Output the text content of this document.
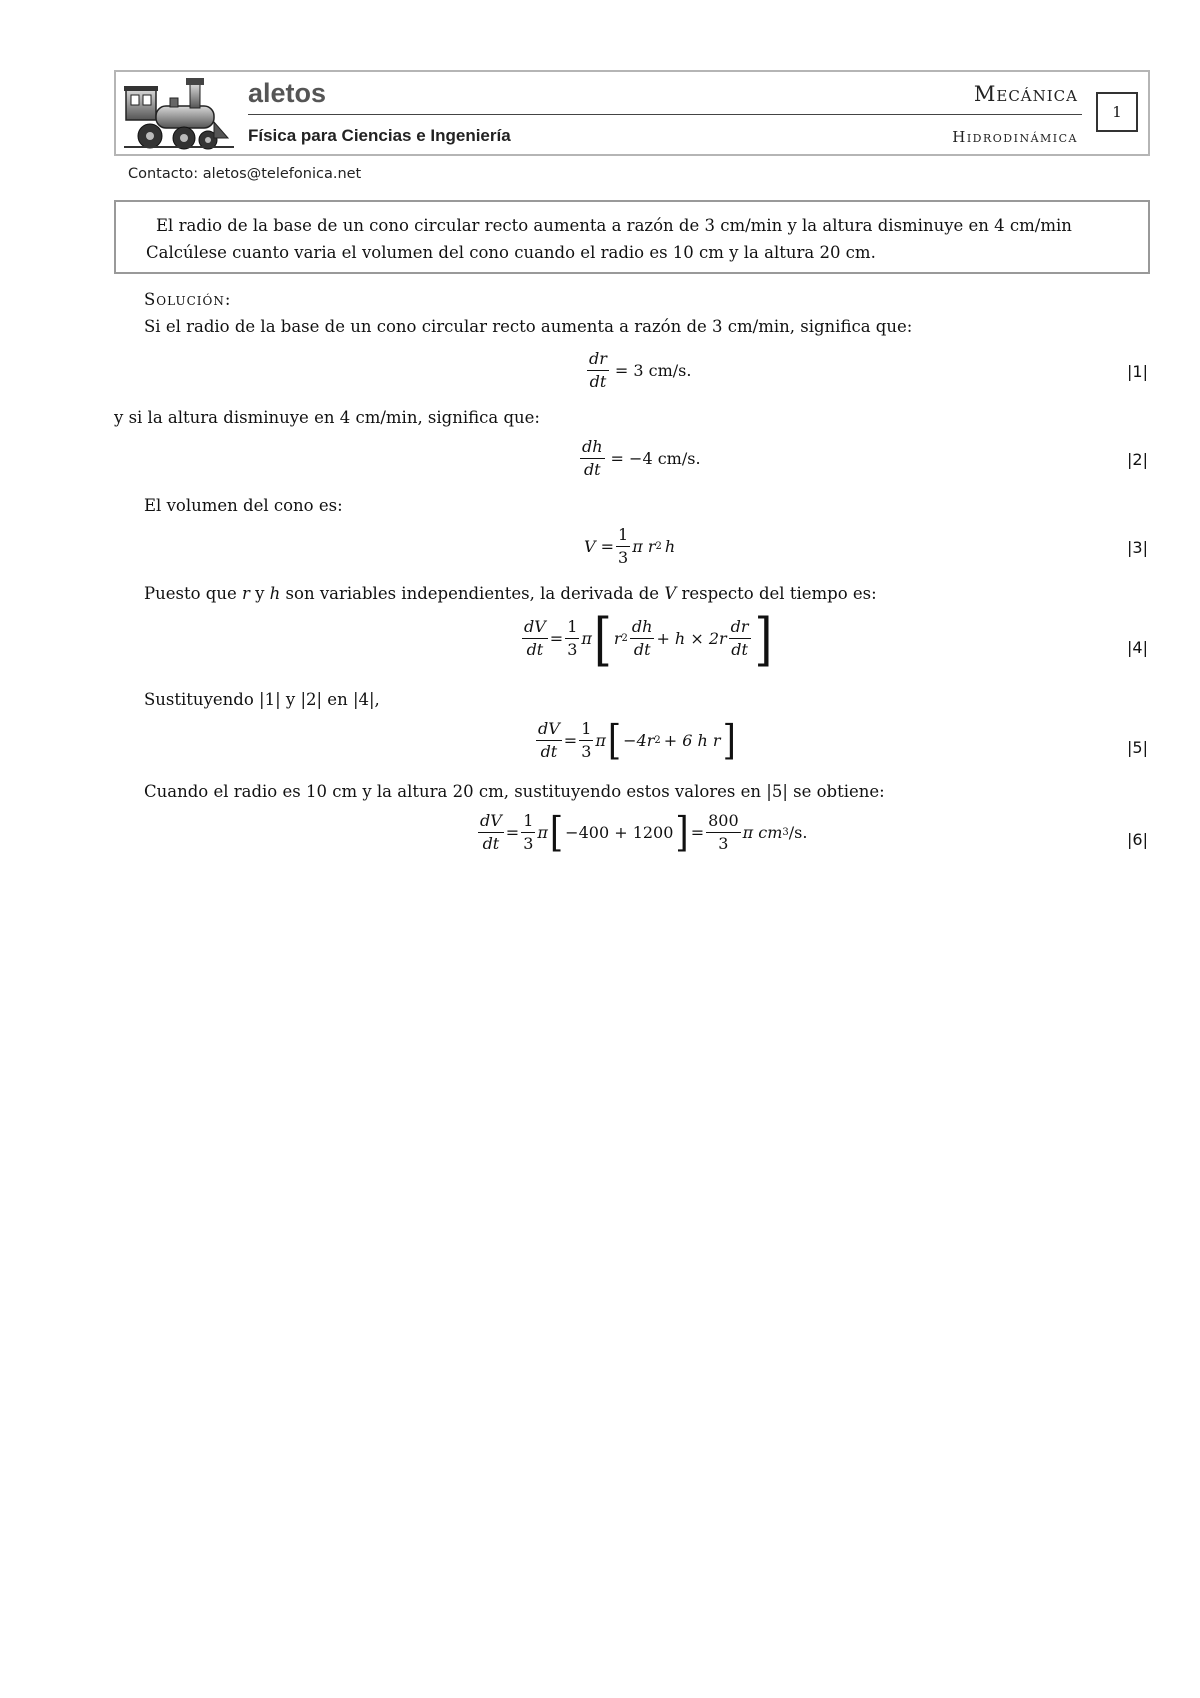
aletos
Física para Ciencias e Ingeniería
Mecánica
Hidrodinámica
1
Contacto: aletos@telefonica.net
El radio de la base de un cono circular recto aumenta a razón de 3 cm/min y la altura disminuye en 4 cm/min
Calcúlese cuanto varia el volumen del cono cuando el radio es 10 cm y la altura 20 cm.
Solución:
Si el radio de la base de un cono circular recto aumenta a razón de 3 cm/min, significa que:
$\frac{dr}{dt} = 3$ cm/s.	|1|
y si la altura disminuye en 4 cm/min, significa que:
$\frac{dh}{dt} = -4$ cm/s.	|2|
El volumen del cono es:
$V = \frac{1}{3}$ π r 2 h	|3|
Puesto que r y h son variables independientes, la derivada de V respecto del tiempo es:
$\frac{dV}{dt} = \frac{1}{3}$ π [ r $2 \frac{dh}{dt} + h \times 2r \frac{dr}{dt}$ ]	|4|
Sustituyendo |1| y |2| en |4|,
$\frac{dV}{dt} = \frac{1}{3}$ π [ −4r 2 + 6 h r ]	|5|
Cuando el radio es 10 cm y la altura 20 cm, sustituyendo estos valores en |5| se obtiene:
$\frac{dV}{dt} = \frac{1}{3}$ π [ −400 + 1200 ] = $\frac{800}{3}$ π cm 3 /s.	|6|
